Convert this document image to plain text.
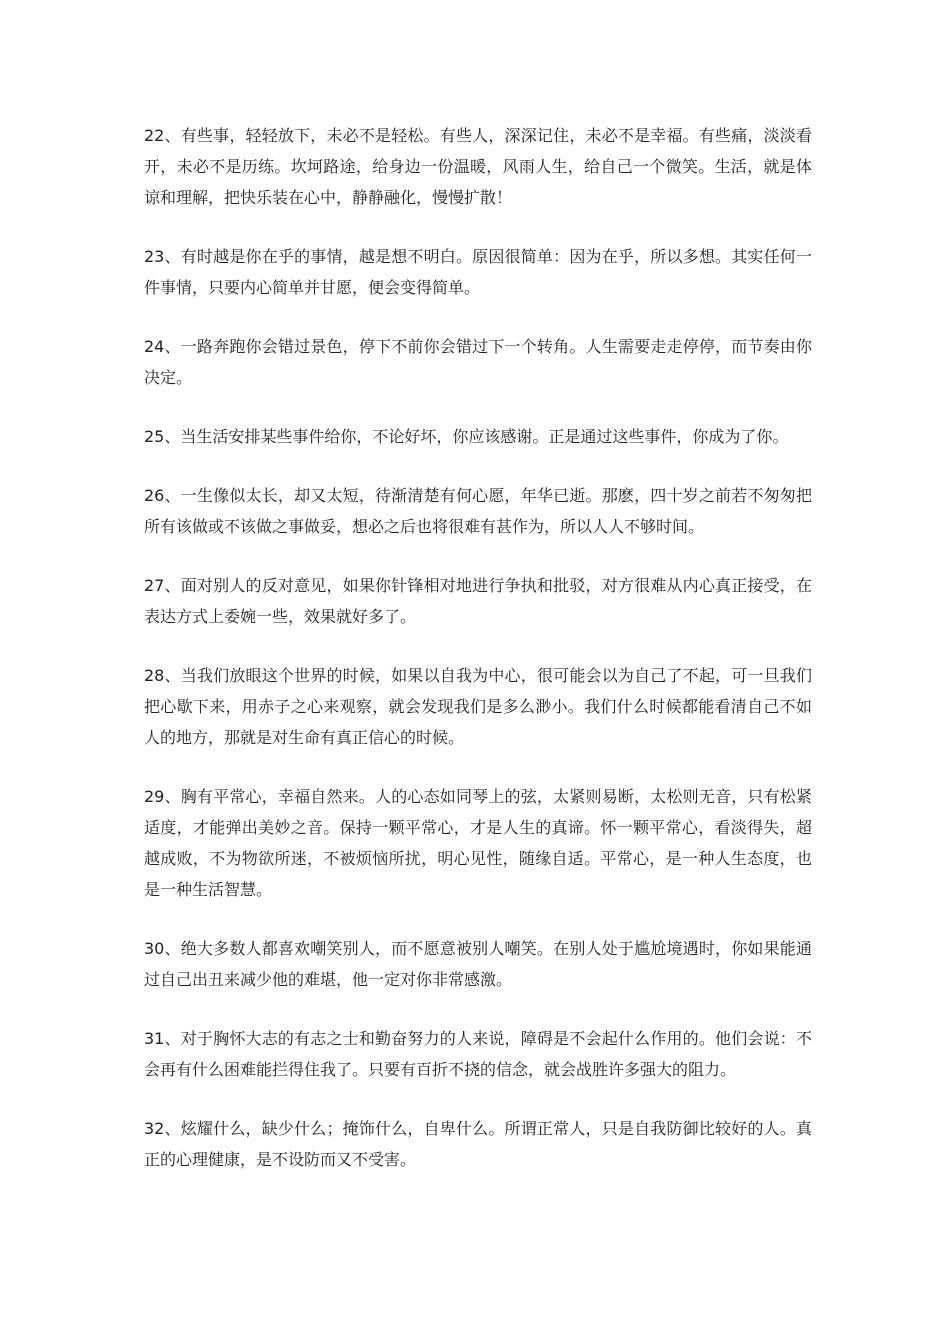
22、有些事，轻轻放下，未必不是轻松。有些人，深深记住，未必不是幸福。有些痛，淡淡看开，未必不是历练。坎坷路途，给身边一份温暖，风雨人生，给自己一个微笑。生活，就是体谅和理解，把快乐装在心中，静静融化，慢慢扩散！

23、有时越是你在乎的事情，越是想不明白。原因很简单：因为在乎，所以多想。其实任何一件事情，只要内心简单并甘愿，便会变得简单。

24、一路奔跑你会错过景色，停下不前你会错过下一个转角。人生需要走走停停，而节奏由你决定。

25、当生活安排某些事件给你，不论好坏，你应该感谢。正是通过这些事件，你成为了你。

26、一生像似太长，却又太短，待渐清楚有何心愿，年华已逝。那麽，四十岁之前若不匆匆把所有该做或不该做之事做妥，想必之后也将很难有甚作为，所以人人不够时间。

27、面对别人的反对意见，如果你针锋相对地进行争执和批驳，对方很难从内心真正接受，在表达方式上委婉一些，效果就好多了。

28、当我们放眼这个世界的时候，如果以自我为中心，很可能会以为自己了不起，可一旦我们把心歇下来，用赤子之心来观察，就会发现我们是多么渺小。我们什么时候都能看清自己不如人的地方，那就是对生命有真正信心的时候。

29、胸有平常心，幸福自然来。人的心态如同琴上的弦，太紧则易断，太松则无音，只有松紧适度，才能弹出美妙之音。保持一颗平常心，才是人生的真谛。怀一颗平常心，看淡得失，超越成败，不为物欲所迷，不被烦恼所扰，明心见性，随缘自适。平常心，是一种人生态度，也是一种生活智慧。

30、绝大多数人都喜欢嘲笑别人，而不愿意被别人嘲笑。在别人处于尴尬境遇时，你如果能通过自己出丑来减少他的难堪，他一定对你非常感激。

31、对于胸怀大志的有志之士和勤奋努力的人来说，障碍是不会起什么作用的。他们会说：不会再有什么困难能拦得住我了。只要有百折不挠的信念，就会战胜许多强大的阻力。

32、炫耀什么，缺少什么；掩饰什么，自卑什么。所谓正常人，只是自我防御比较好的人。真正的心理健康，是不设防而又不受害。
